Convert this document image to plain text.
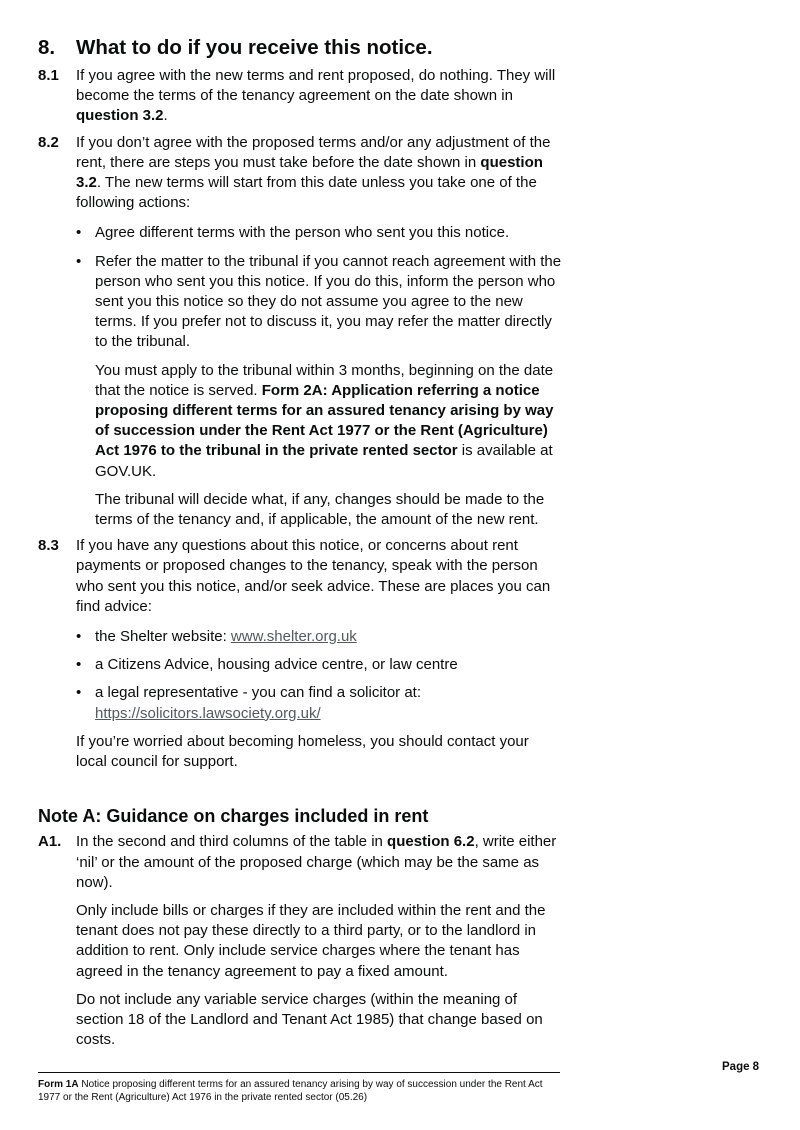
8.	What to do if you receive this notice.
8.1	If you agree with the new terms and rent proposed, do nothing. They will become the terms of the tenancy agreement on the date shown in question 3.2.

8.2	If you don’t agree with the proposed terms and/or any adjustment of the rent, there are steps you must take before the date shown in question 3.2. The new terms will start from this date unless you take one of the following actions:

• Agree different terms with the person who sent you this notice.
• Refer the matter to the tribunal if you cannot reach agreement with the person who sent you this notice. If you do this, inform the person who sent you this notice so they do not assume you agree to the new terms. If you prefer not to discuss it, you may refer the matter directly to the tribunal.

You must apply to the tribunal within 3 months, beginning on the date that the notice is served. Form 2A: Application referring a notice proposing different terms for an assured tenancy arising by way of succession under the Rent Act 1977 or the Rent (Agriculture) Act 1976 to the tribunal in the private rented sector is available at GOV.UK.

The tribunal will decide what, if any, changes should be made to the terms of the tenancy and, if applicable, the amount of the new rent.

8.3	If you have any questions about this notice, or concerns about rent payments or proposed changes to the tenancy, speak with the person who sent you this notice, and/or seek advice. These are places you can find advice:

• the Shelter website: www.shelter.org.uk
• a Citizens Advice, housing advice centre, or law centre
• a legal representative - you can find a solicitor at: https://solicitors.lawsociety.org.uk/

If you’re worried about becoming homeless, you should contact your local council for support.

Note A: Guidance on charges included in rent
A1. In the second and third columns of the table in question 6.2, write either ‘nil’ or the amount of the proposed charge (which may be the same as now).

Only include bills or charges if they are included within the rent and the tenant does not pay these directly to a third party, or to the landlord in addition to rent. Only include service charges where the tenant has agreed in the tenancy agreement to pay a fixed amount.

Do not include any variable service charges (within the meaning of section 18 of the Landlord and Tenant Act 1985) that change based on costs.

Form 1A Notice proposing different terms for an assured tenancy arising by way of succession under the Rent Act 1977 or the Rent (Agriculture) Act 1976 in the private rented sector (05.26)
Page 8
